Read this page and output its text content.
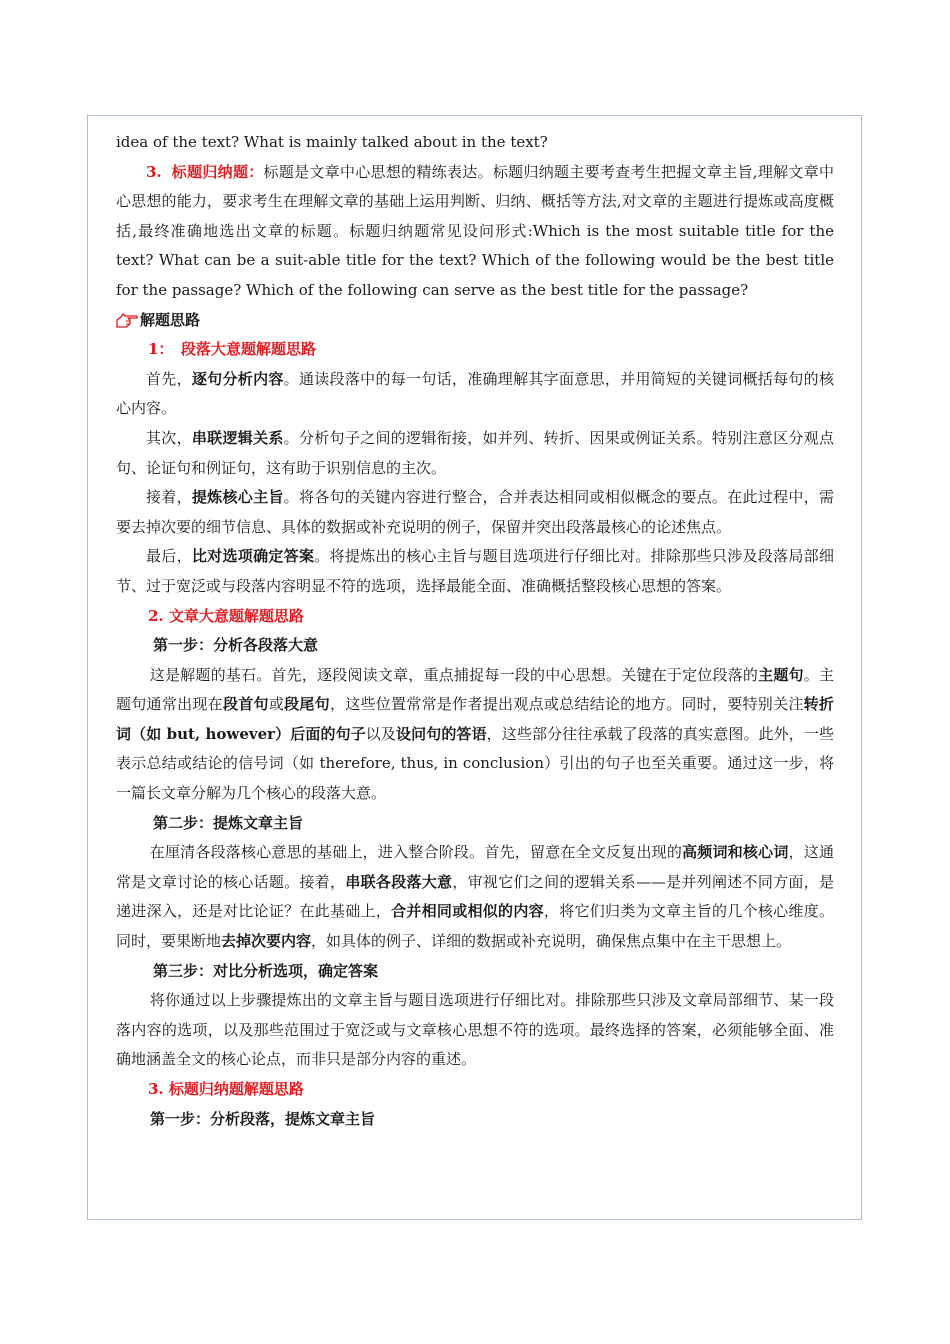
idea of the text? What is mainly talked about in the text?

3. 标题归纳题：标题是文章中心思想的精练表达。标题归纳题主要考查考生把握文章主旨,理解文章中心思想的能力，要求考生在理解文章的基础上运用判断、归纳、概括等方法,对文章的主题进行提炼或高度概括,最终准确地选出文章的标题。标题归纳题常见设问形式:Which is the most suitable title for the text? What can be a suit-able title for the text? Which of the following would be the best title for the passage? Which of the following can serve as the best title for the passage?

解题思路

1：　段落大意题解题思路

首先，逐句分析内容。通读段落中的每一句话，准确理解其字面意思，并用简短的关键词概括每句的核心内容。

其次，串联逻辑关系。分析句子之间的逻辑衔接，如并列、转折、因果或例证关系。特别注意区分观点句、论证句和例证句，这有助于识别信息的主次。

接着，提炼核心主旨。将各句的关键内容进行整合，合并表达相同或相似概念的要点。在此过程中，需要去掉次要的细节信息、具体的数据或补充说明的例子，保留并突出段落最核心的论述焦点。

最后，比对选项确定答案。将提炼出的核心主旨与题目选项进行仔细比对。排除那些只涉及段落局部细节、过于宽泛或与段落内容明显不符的选项，选择最能全面、准确概括整段核心思想的答案。

2. 文章大意题解题思路

第一步：分析各段落大意

这是解题的基石。首先，逐段阅读文章，重点捕捉每一段的中心思想。关键在于定位段落的主题句。主题句通常出现在段首句或段尾句，这些位置常常是作者提出观点或总结结论的地方。同时，要特别关注转折词（如 but, however）后面的句子以及设问句的答语，这些部分往往承载了段落的真实意图。此外，一些表示总结或结论的信号词（如 therefore, thus, in conclusion）引出的句子也至关重要。通过这一步，将一篇长文章分解为几个核心的段落大意。

第二步：提炼文章主旨

在厘清各段落核心意思的基础上，进入整合阶段。首先，留意在全文反复出现的高频词和核心词，这通常是文章讨论的核心话题。接着，串联各段落大意，审视它们之间的逻辑关系——是并列阐述不同方面，是递进深入，还是对比论证？在此基础上，合并相同或相似的内容，将它们归类为文章主旨的几个核心维度。同时，要果断地去掉次要内容，如具体的例子、详细的数据或补充说明，确保焦点集中在主干思想上。

第三步：对比分析选项，确定答案

将你通过以上步骤提炼出的文章主旨与题目选项进行仔细比对。排除那些只涉及文章局部细节、某一段落内容的选项，以及那些范围过于宽泛或与文章核心思想不符的选项。最终选择的答案，必须能够全面、准确地涵盖全文的核心论点，而非只是部分内容的重述。

3. 标题归纳题解题思路

第一步：分析段落，提炼文章主旨
